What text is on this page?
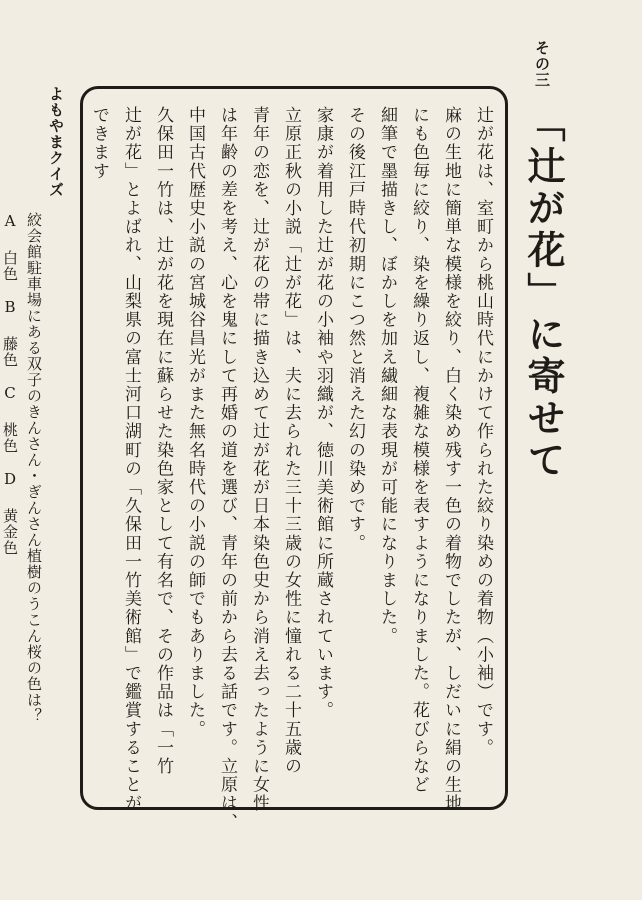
その三
「辻が花」に寄せて
辻が花は、室町から桃山時代にかけて作られた絞り染めの着物（小袖）です。
麻の生地に簡単な模様を絞り、白く染め残す一色の着物でしたが、しだいに絹の生地
にも色毎に絞り、染を繰り返し、複雑な模様を表すようになりました。花びらなど
細筆で墨描きし、ぼかしを加え繊細な表現が可能になりました。
その後江戸時代初期にこつ然と消えた幻の染めです。
家康が着用した辻が花の小袖や羽織が、徳川美術館に所蔵されています。
立原正秋の小説「辻が花」は、夫に去られた三十三歳の女性に憧れる二十五歳の
青年の恋を、辻が花の帯に描き込めて辻が花が日本染色史から消え去ったように女性
は年齢の差を考え、心を鬼にして再婚の道を選び、青年の前から去る話です。立原は、
中国古代歴史小説の宮城谷昌光がまた無名時代の小説の師でもありました。
久保田一竹は、辻が花を現在に蘇らせた染色家として有名で、その作品は「一竹
辻が花」とよばれ、山梨県の富士河口湖町の「久保田一竹美術館」で鑑賞することが
できます
よもやまクイズ
絞会館駐車場にある双子のきんさん・ぎんさん植樹のうこん桜の色は？
A 白色　B 藤色　C 桃色　D 黄金色
